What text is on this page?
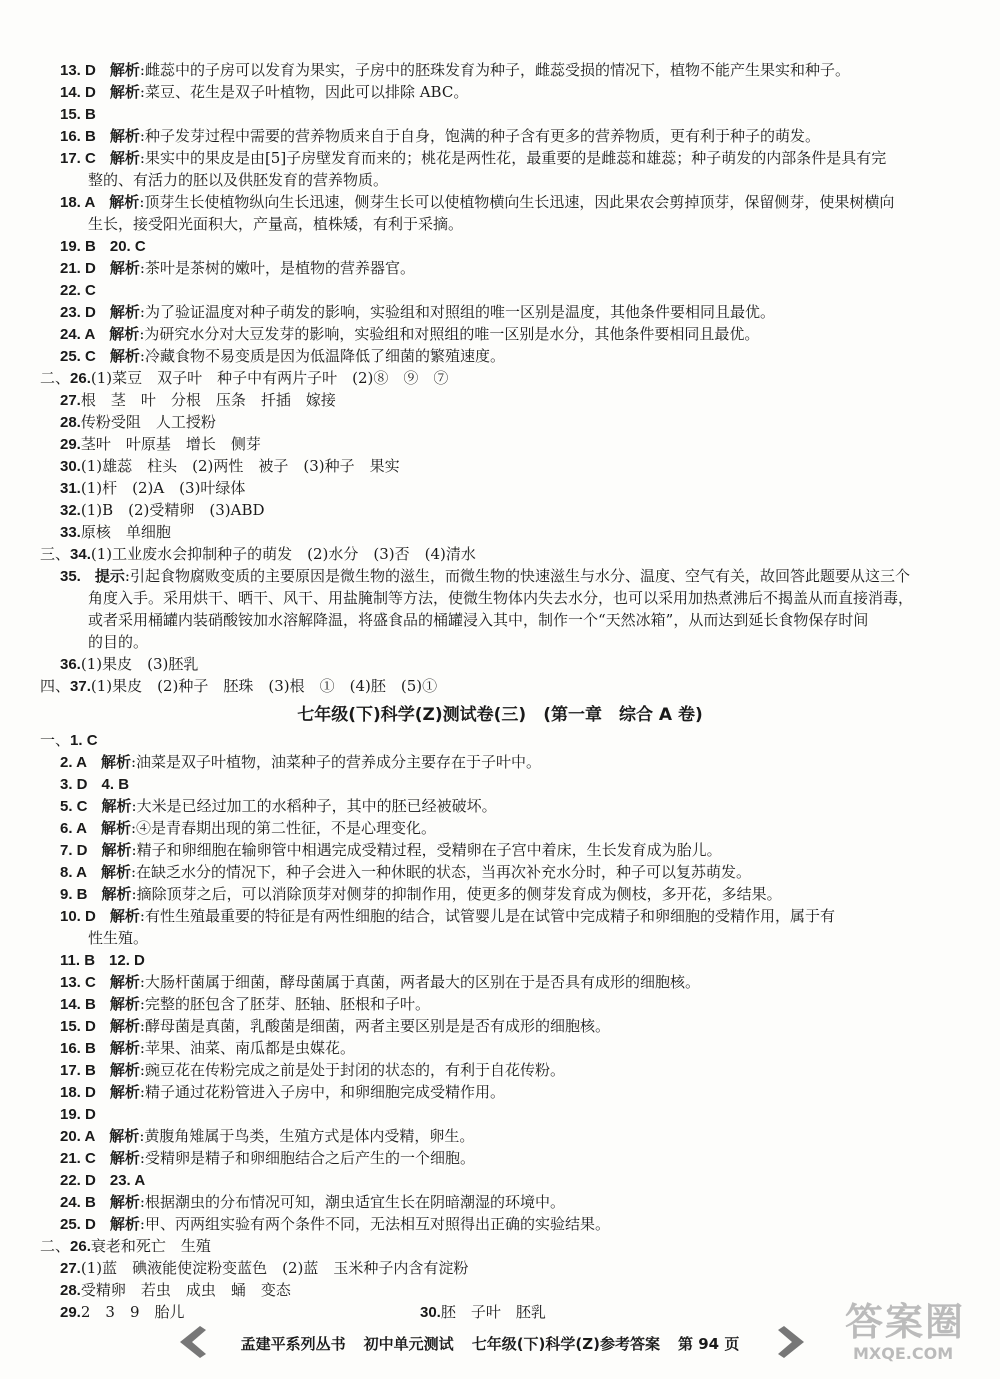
13. D 解析:雌蕊中的子房可以发育为果实，子房中的胚珠发育为种子，雌蕊受损的情况下，植物不能产生果实和种子。
14. D 解析:菜豆、花生是双子叶植物，因此可以排除 ABC。
15. B
16. B 解析:种子发芽过程中需要的营养物质来自于自身，饱满的种子含有更多的营养物质，更有利于种子的萌发。
17. C 解析:果实中的果皮是由[5]子房壁发育而来的；桃花是两性花，最重要的是雌蕊和雄蕊；种子萌发的内部条件是具有完
整的、有活力的胚以及供胚发育的营养物质。
18. A 解析:顶芽生长使植物纵向生长迅速，侧芽生长可以使植物横向生长迅速，因此果农会剪掉顶芽，保留侧芽，使果树横向
生长，接受阳光面积大，产量高，植株矮，有利于采摘。
19. B 20. C
21. D 解析:茶叶是茶树的嫩叶，是植物的营养器官。
22. C
23. D 解析:为了验证温度对种子萌发的影响，实验组和对照组的唯一区别是温度，其他条件要相同且最优。
24. A 解析:为研究水分对大豆发芽的影响，实验组和对照组的唯一区别是水分，其他条件要相同且最优。
25. C 解析:冷藏食物不易变质是因为低温降低了细菌的繁殖速度。
二、26.(1)菜豆　双子叶　种子中有两片子叶　(2)⑧　⑨　⑦
27.根　茎　叶　分根　压条　扦插　嫁接
28.传粉受阻　人工授粉
29.茎叶　叶原基　增长　侧芽
30.(1)雄蕊　柱头　(2)两性　被子　(3)种子　果实
31.(1)杆　(2)A　(3)叶绿体
32.(1)B　(2)受精卵　(3)ABD
33.原核　单细胞
三、34.(1)工业废水会抑制种子的萌发　(2)水分　(3)否　(4)清水
35. 提示:引起食物腐败变质的主要原因是微生物的滋生，而微生物的快速滋生与水分、温度、空气有关，故回答此题要从这三个
角度入手。采用烘干、晒干、风干、用盐腌制等方法，使微生物体内失去水分，也可以采用加热煮沸后不揭盖从而直接消毒，
或者采用桶罐内装硝酸铵加水溶解降温，将盛食品的桶罐浸入其中，制作一个“天然冰箱”，从而达到延长食物保存时间
的目的。
36.(1)果皮　(3)胚乳
四、37.(1)果皮　(2)种子　胚珠　(3)根　①　(4)胚　(5)①
七年级(下)科学(Z)测试卷(三)　(第一章　综合 A 卷)
一、1. C
2. A 解析:油菜是双子叶植物，油菜种子的营养成分主要存在于子叶中。
3. D 4. B
5. C 解析:大米是已经过加工的水稻种子，其中的胚已经被破坏。
6. A 解析:④是青春期出现的第二性征，不是心理变化。
7. D 解析:精子和卵细胞在输卵管中相遇完成受精过程，受精卵在子宫中着床，生长发育成为胎儿。
8. A 解析:在缺乏水分的情况下，种子会进入一种休眠的状态，当再次补充水分时，种子可以复苏萌发。
9. B 解析:摘除顶芽之后，可以消除顶芽对侧芽的抑制作用，使更多的侧芽发育成为侧枝，多开花，多结果。
10. D 解析:有性生殖最重要的特征是有两性细胞的结合，试管婴儿是在试管中完成精子和卵细胞的受精作用，属于有
性生殖。
11. B 12. D
13. C 解析:大肠杆菌属于细菌，酵母菌属于真菌，两者最大的区别在于是否具有成形的细胞核。
14. B 解析:完整的胚包含了胚芽、胚轴、胚根和子叶。
15. D 解析:酵母菌是真菌，乳酸菌是细菌，两者主要区别是是否有成形的细胞核。
16. B 解析:苹果、油菜、南瓜都是虫媒花。
17. B 解析:豌豆花在传粉完成之前是处于封闭的状态的，有利于自花传粉。
18. D 解析:精子通过花粉管进入子房中，和卵细胞完成受精作用。
19. D
20. A 解析:黄腹角雉属于鸟类，生殖方式是体内受精，卵生。
21. C 解析:受精卵是精子和卵细胞结合之后产生的一个细胞。
22. D 23. A
24. B 解析:根据潮虫的分布情况可知，潮虫适宜生长在阴暗潮湿的环境中。
25. D 解析:甲、丙两组实验有两个条件不同，无法相互对照得出正确的实验结果。
二、26.衰老和死亡　生殖
27.(1)蓝　碘液能使淀粉变蓝色　(2)蓝　玉米种子内含有淀粉
28.受精卵　若虫　成虫　蛹　变态
29.2　3　9　胎儿
孟建平系列丛书 初中单元测试 七年级(下)科学(Z)参考答案 第 94 页	答案圈
MXQE.COM
30.胚　子叶　胚乳
